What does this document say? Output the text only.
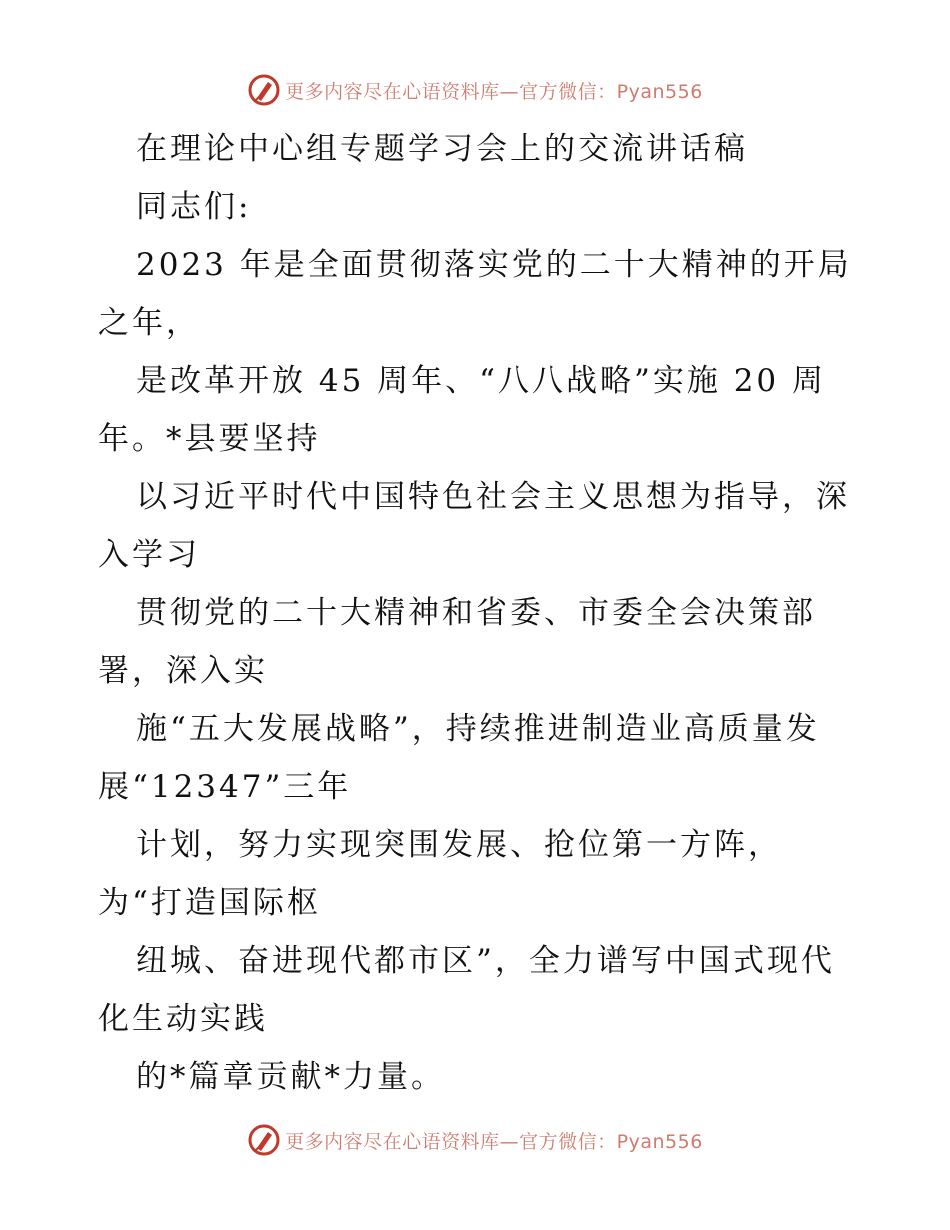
更多内容尽在心语资料库—官方微信：Pyan556
在理论中心组专题学习会上的交流讲话稿
同志们:
2023 年是全面贯彻落实党的二十大精神的开局
之年，
是改革开放 45 周年、“八八战略”实施 20 周
年。*县要坚持
以习近平时代中国特色社会主义思想为指导，深
入学习
贯彻党的二十大精神和省委、市委全会决策部
署，深入实
施“五大发展战略”，持续推进制造业高质量发
展“12347”三年
计划，努力实现突围发展、抢位第一方阵，
为“打造国际枢
纽城、奋进现代都市区”，全力谱写中国式现代
化生动实践
的*篇章贡献*力量。
更多内容尽在心语资料库—官方微信：Pyan556
